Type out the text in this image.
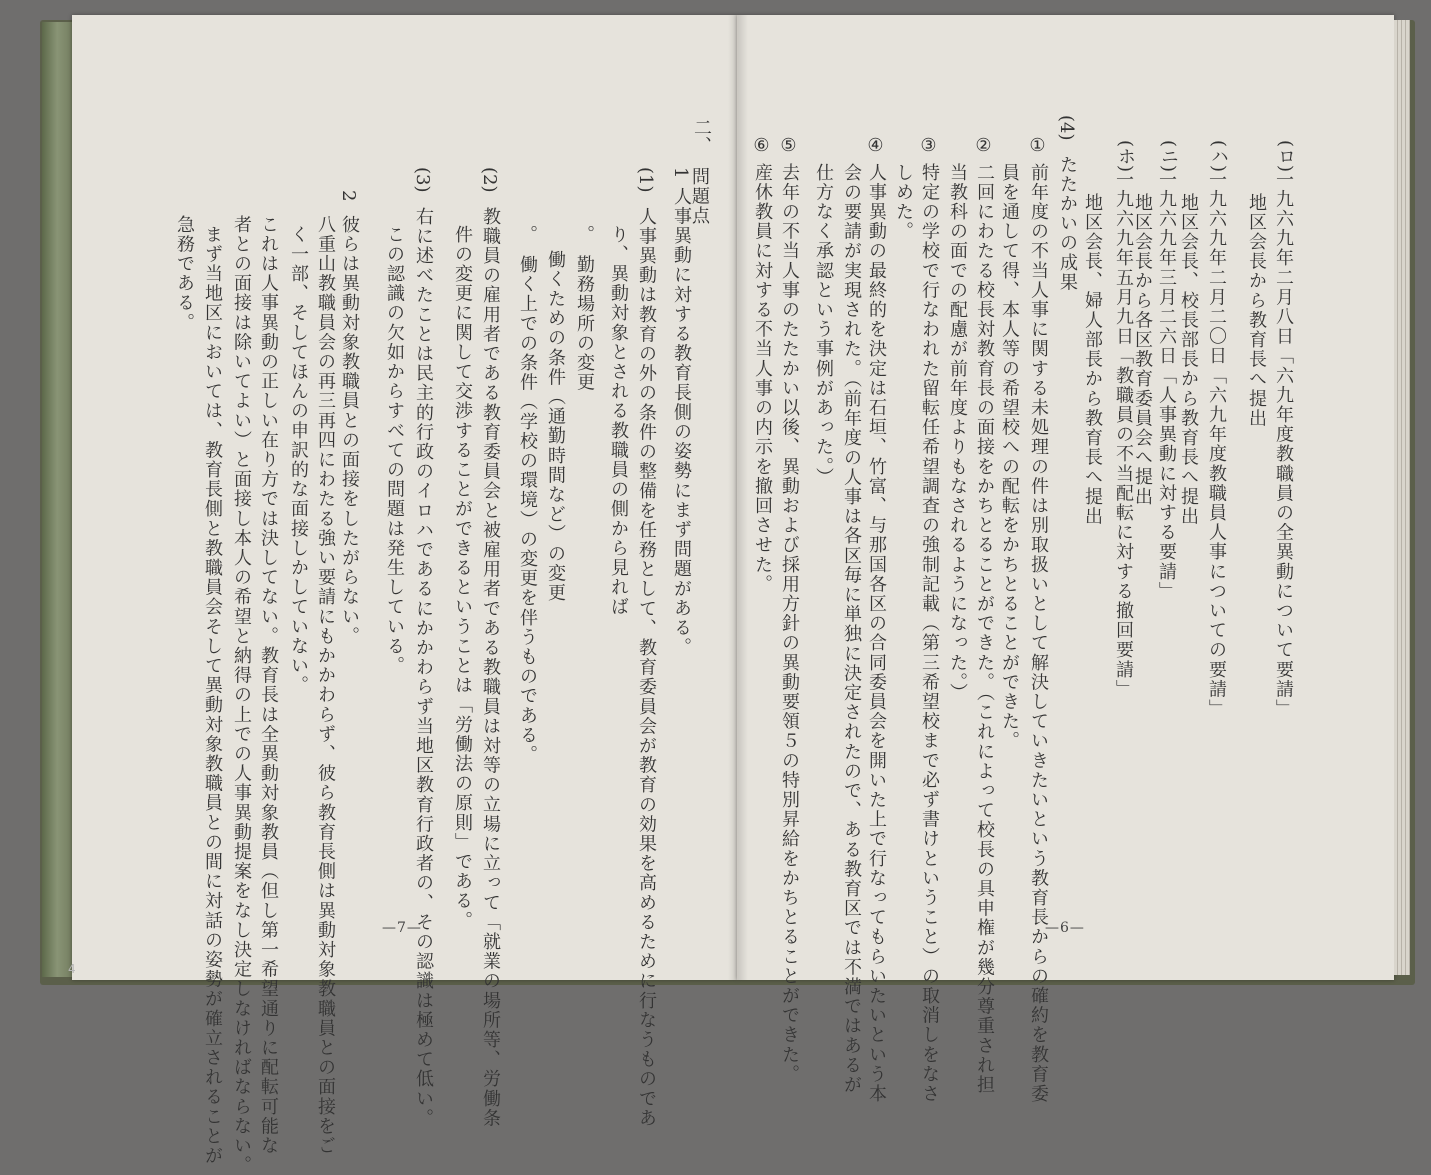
二、
問題点
1
人事異動に対する教育長側の姿勢にまず問題がある。
(1)
人事異動は教育の外の条件の整備を任務として、教育委員会が教育の効果を高めるために行なうものであ
り、異動対象とされる教職員の側から見れば
。　勤務場所の変更
働くための条件（通勤時間など）の変更
。　働く上での条件（学校の環境）の変更を伴うものである。
(2)
教職員の雇用者である教育委員会と被雇用者である教職員は対等の立場に立って「就業の場所等、労働条
件の変更に関して交渉することができるということは「労働法の原則」である。
(3)
右に述べたことは民主的行政のイロハであるにかかわらず当地区教育行政者の、その認識は極めて低い。
この認識の欠如からすべての問題は発生している。
2
彼らは異動対象教職員との面接をしたがらない。
八重山教職員会の再三再四にわたる強い要請にもかかわらず、彼ら教育長側は異動対象教職員との面接をご
く一部、そしてほんの申訳的な面接しかしていない。
これは人事異動の正しい在り方では決してない。教育長は全異動対象教員（但し第一希望通りに配転可能な
者との面接は除いてよい）と面接し本人の希望と納得の上での人事異動提案をなし決定しなければならない。
まず当地区においては、教育長側と教職員会そして異動対象教職員との間に対話の姿勢が確立されることが
急務である。
—7—
(ロ)
一九六九年二月八日「六九年度教職員の全異動について要請」
地区会長から教育長へ提出
(ハ)
一九六九年二月二〇日「六九年度教職員人事についての要請」
地区会長、校長部長から教育長へ提出
(ニ)
一九六九年三月二六日「人事異動に対する要請」
地区会長から各区教育委員会へ提出
(ホ)
一九六九年五月九日「教職員の不当配転に対する撤回要請」
地区会長、婦人部長から教育長へ提出
(4)
たたかいの成果
①
前年度の不当人事に関する未処理の件は別取扱いとして解決していきたいという教育長からの確約を教育委
員を通して得、本人等の希望校への配転をかちとることができた。
②
二回にわたる校長対教育長の面接をかちとることができた。（これによって校長の具申権が幾分尊重され担
当教科の面での配慮が前年度よりもなされるようになった。）
③
特定の学校で行なわれた留転任希望調査の強制記載（第三希望校まで必ず書けということ）の取消しをなさ
しめた。
④
人事異動の最終的を決定は石垣、竹富、与那国各区の合同委員会を開いた上で行なってもらいたいという本
会の要請が実現された。（前年度の人事は各区毎に単独に決定されたので、ある教育区では不満ではあるが
仕方なく承認という事例があった。）
⑤
去年の不当人事のたたかい以後、異動および採用方針の異動要領５の特別昇給をかちとることができた。
⑥
産休教員に対する不当人事の内示を撤回させた。
—6—
4
